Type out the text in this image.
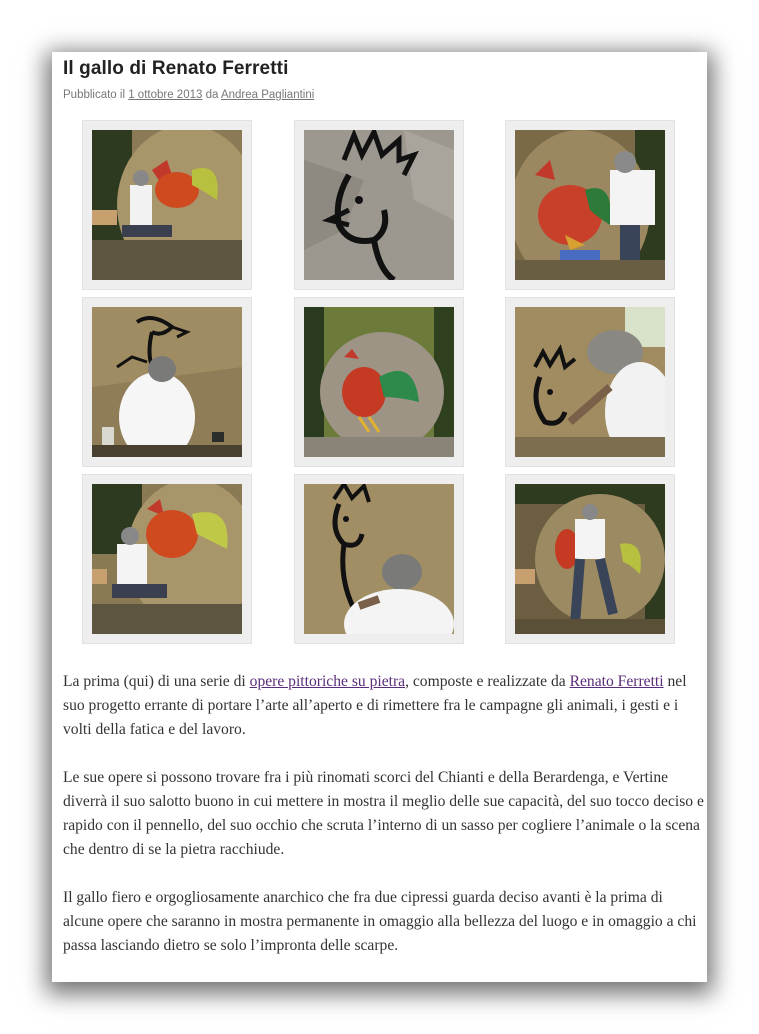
Il gallo di Renato Ferretti
Pubblicato il 1 ottobre 2013 da Andrea Pagliantini

La prima (qui) di una serie di opere pittoriche su pietra, composte e realizzate da Renato Ferretti nel suo progetto errante di portare l’arte all’aperto e di rimettere fra le campagne gli animali, i gesti e i volti della fatica e del lavoro.

Le sue opere si possono trovare fra i più rinomati scorci del Chianti e della Berardenga, e Vertine diverrà il suo salotto buono in cui mettere in mostra il meglio delle sue capacità, del suo tocco deciso e rapido con il pennello, del suo occhio che scruta l’interno di un sasso per cogliere l’animale o la scena che dentro di se la pietra racchiude.

Il gallo fiero e orgogliosamente anarchico che fra due cipressi guarda deciso avanti è la prima di alcune opere che saranno in mostra permanente in omaggio alla bellezza del luogo e in omaggio a chi passa lasciando dietro se solo l’impronta delle scarpe.
